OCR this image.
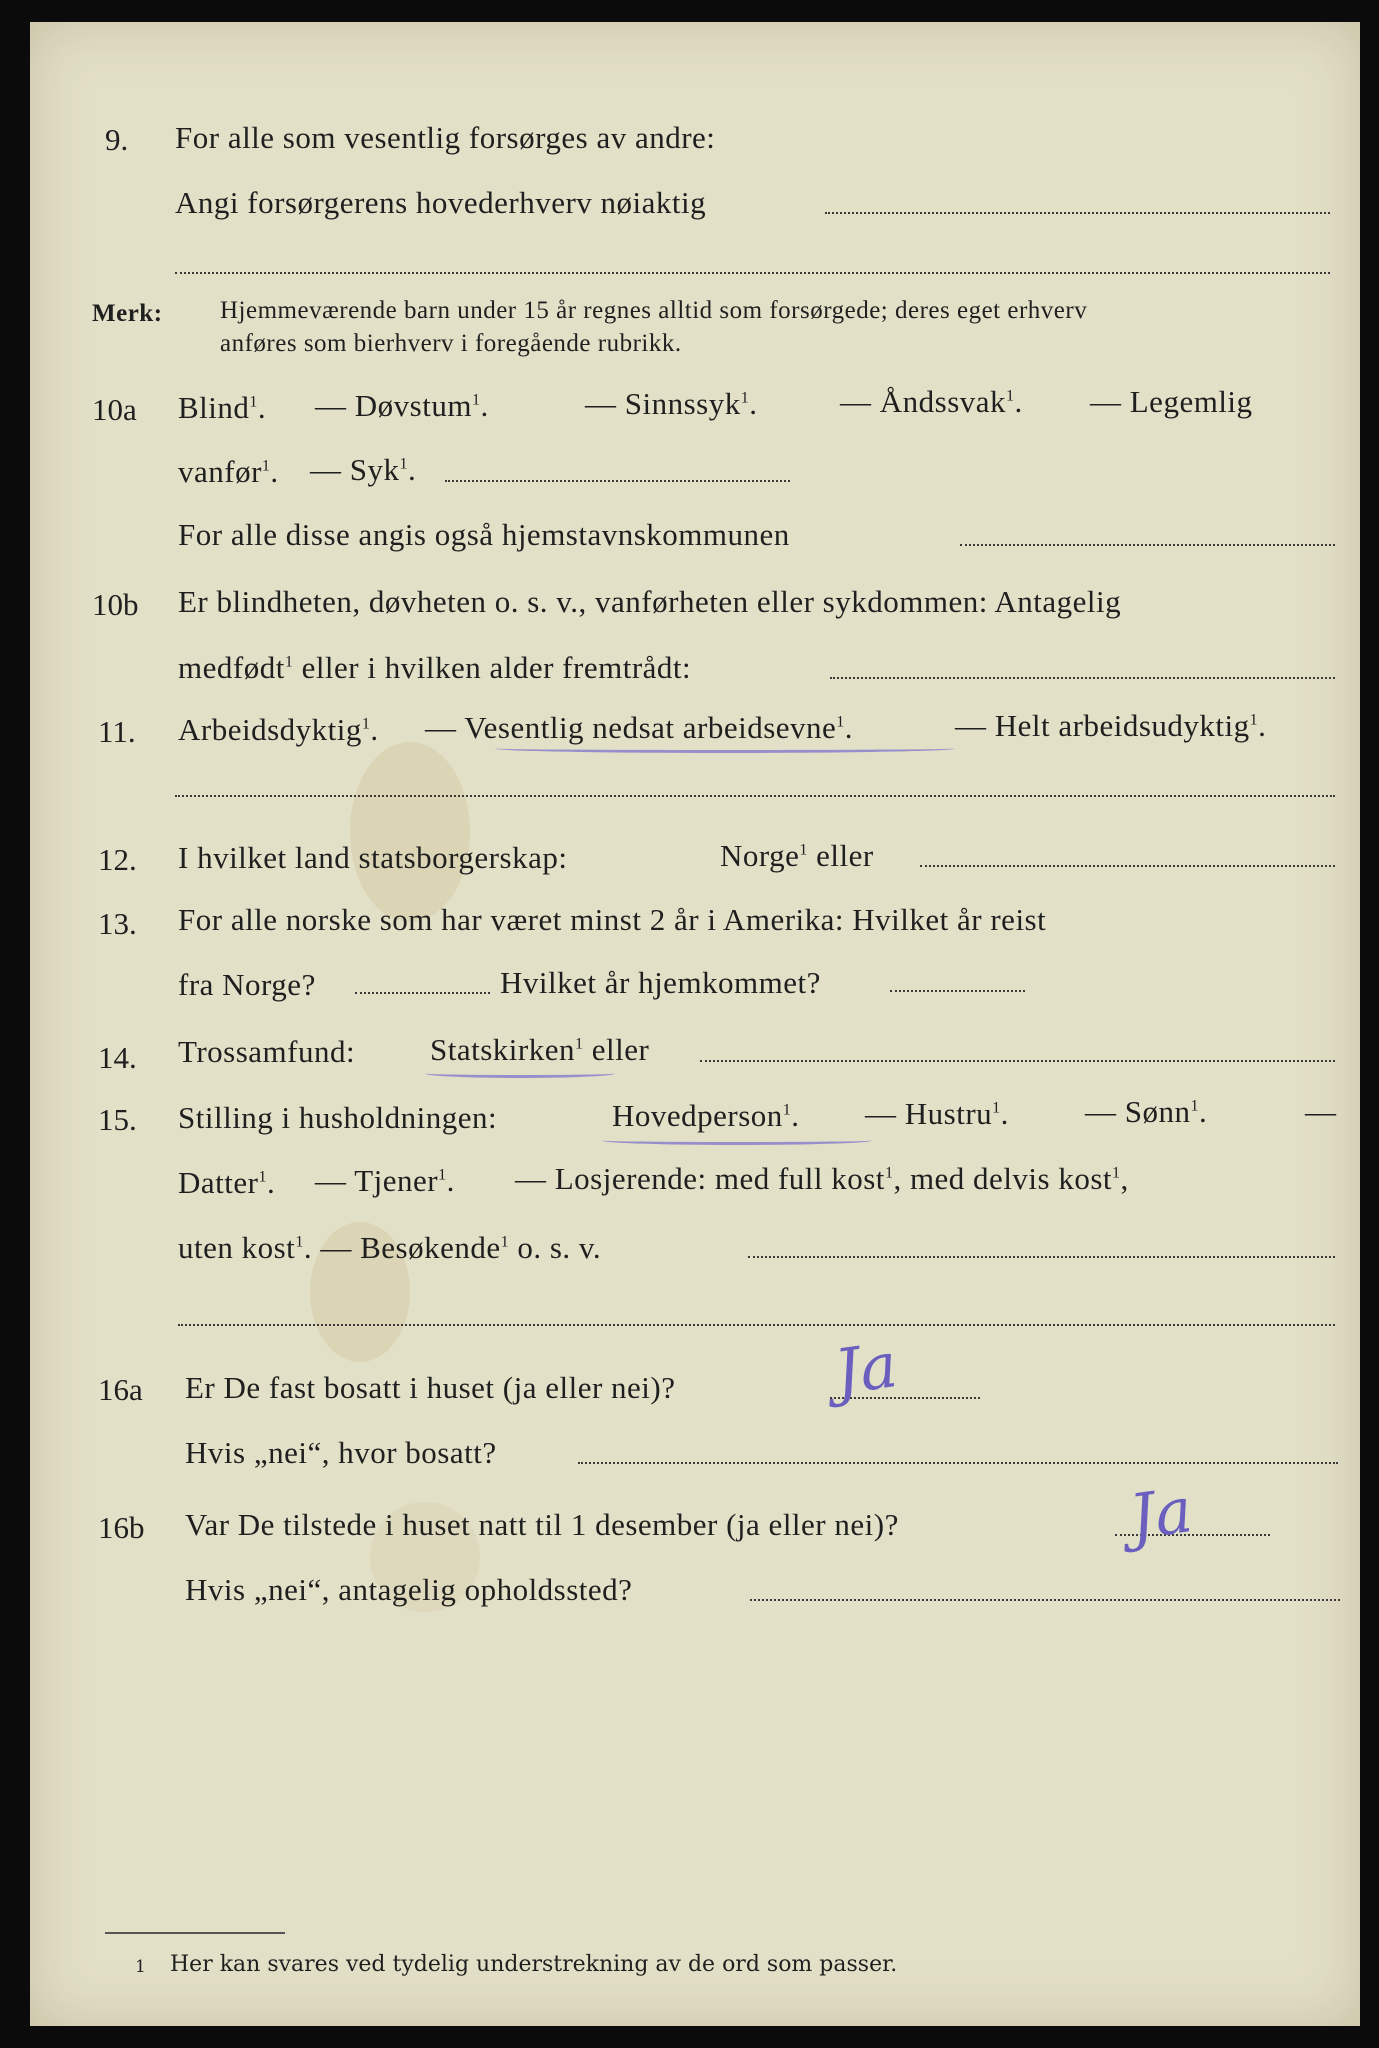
9. For alle som vesentlig forsørges av andre:
Angi forsørgerens hovederhverv nøiaktig
Merk: Hjemmeværende barn under 15 år regnes alltid som forsørgede; deres eget erhverv
anføres som bierhverv i foregående rubrikk.
10a Blind$^1$. — Døvstum$^1$.	— Sinnssyk$^1$.	— Åndssvak$^1$. — Legemlig
vanfør$^1$. — Syk$^1$.
For alle disse angis også hjemstavnskommunen
10b Er blindheten, døvheten o. s. v., vanførheten eller sykdommen: Antagelig
medfødt$^1$ eller i hvilken alder fremtrådt:
11. Arbeidsdyktig$^1$. — Vesentlig nedsat arbeidsevne$^1$.	— Helt arbeidsudyktig$^1$.
12. I hvilket land statsborgerskap:	Norge$^1$ eller
13. For alle norske som har været minst 2 år i Amerika: Hvilket år reist
fra Norge?	Hvilket år hjemkommet?
14. Trossamfund: Statskirken$^1$ eller
15. Stilling i husholdningen:	Hovedperson$^1$. — Hustru$^1$. — Sønn$^1$.	—
Datter$^1$. — Tjener$^1$. — Losjerende: med full kost$^1$, med delvis kost$^1$,
uten kost$^1$. — Besøkende$^1$ o. s. v.
16a Er De fast bosatt i huset (ja eller nei)? Ja
Hvis „nei“, hvor bosatt?
16b Var De tilstede i huset natt til 1 desember (ja eller nei)?	Ja
Hvis „nei“, antagelig opholdssted?
1 Her kan svares ved tydelig understrekning av de ord som passer.
